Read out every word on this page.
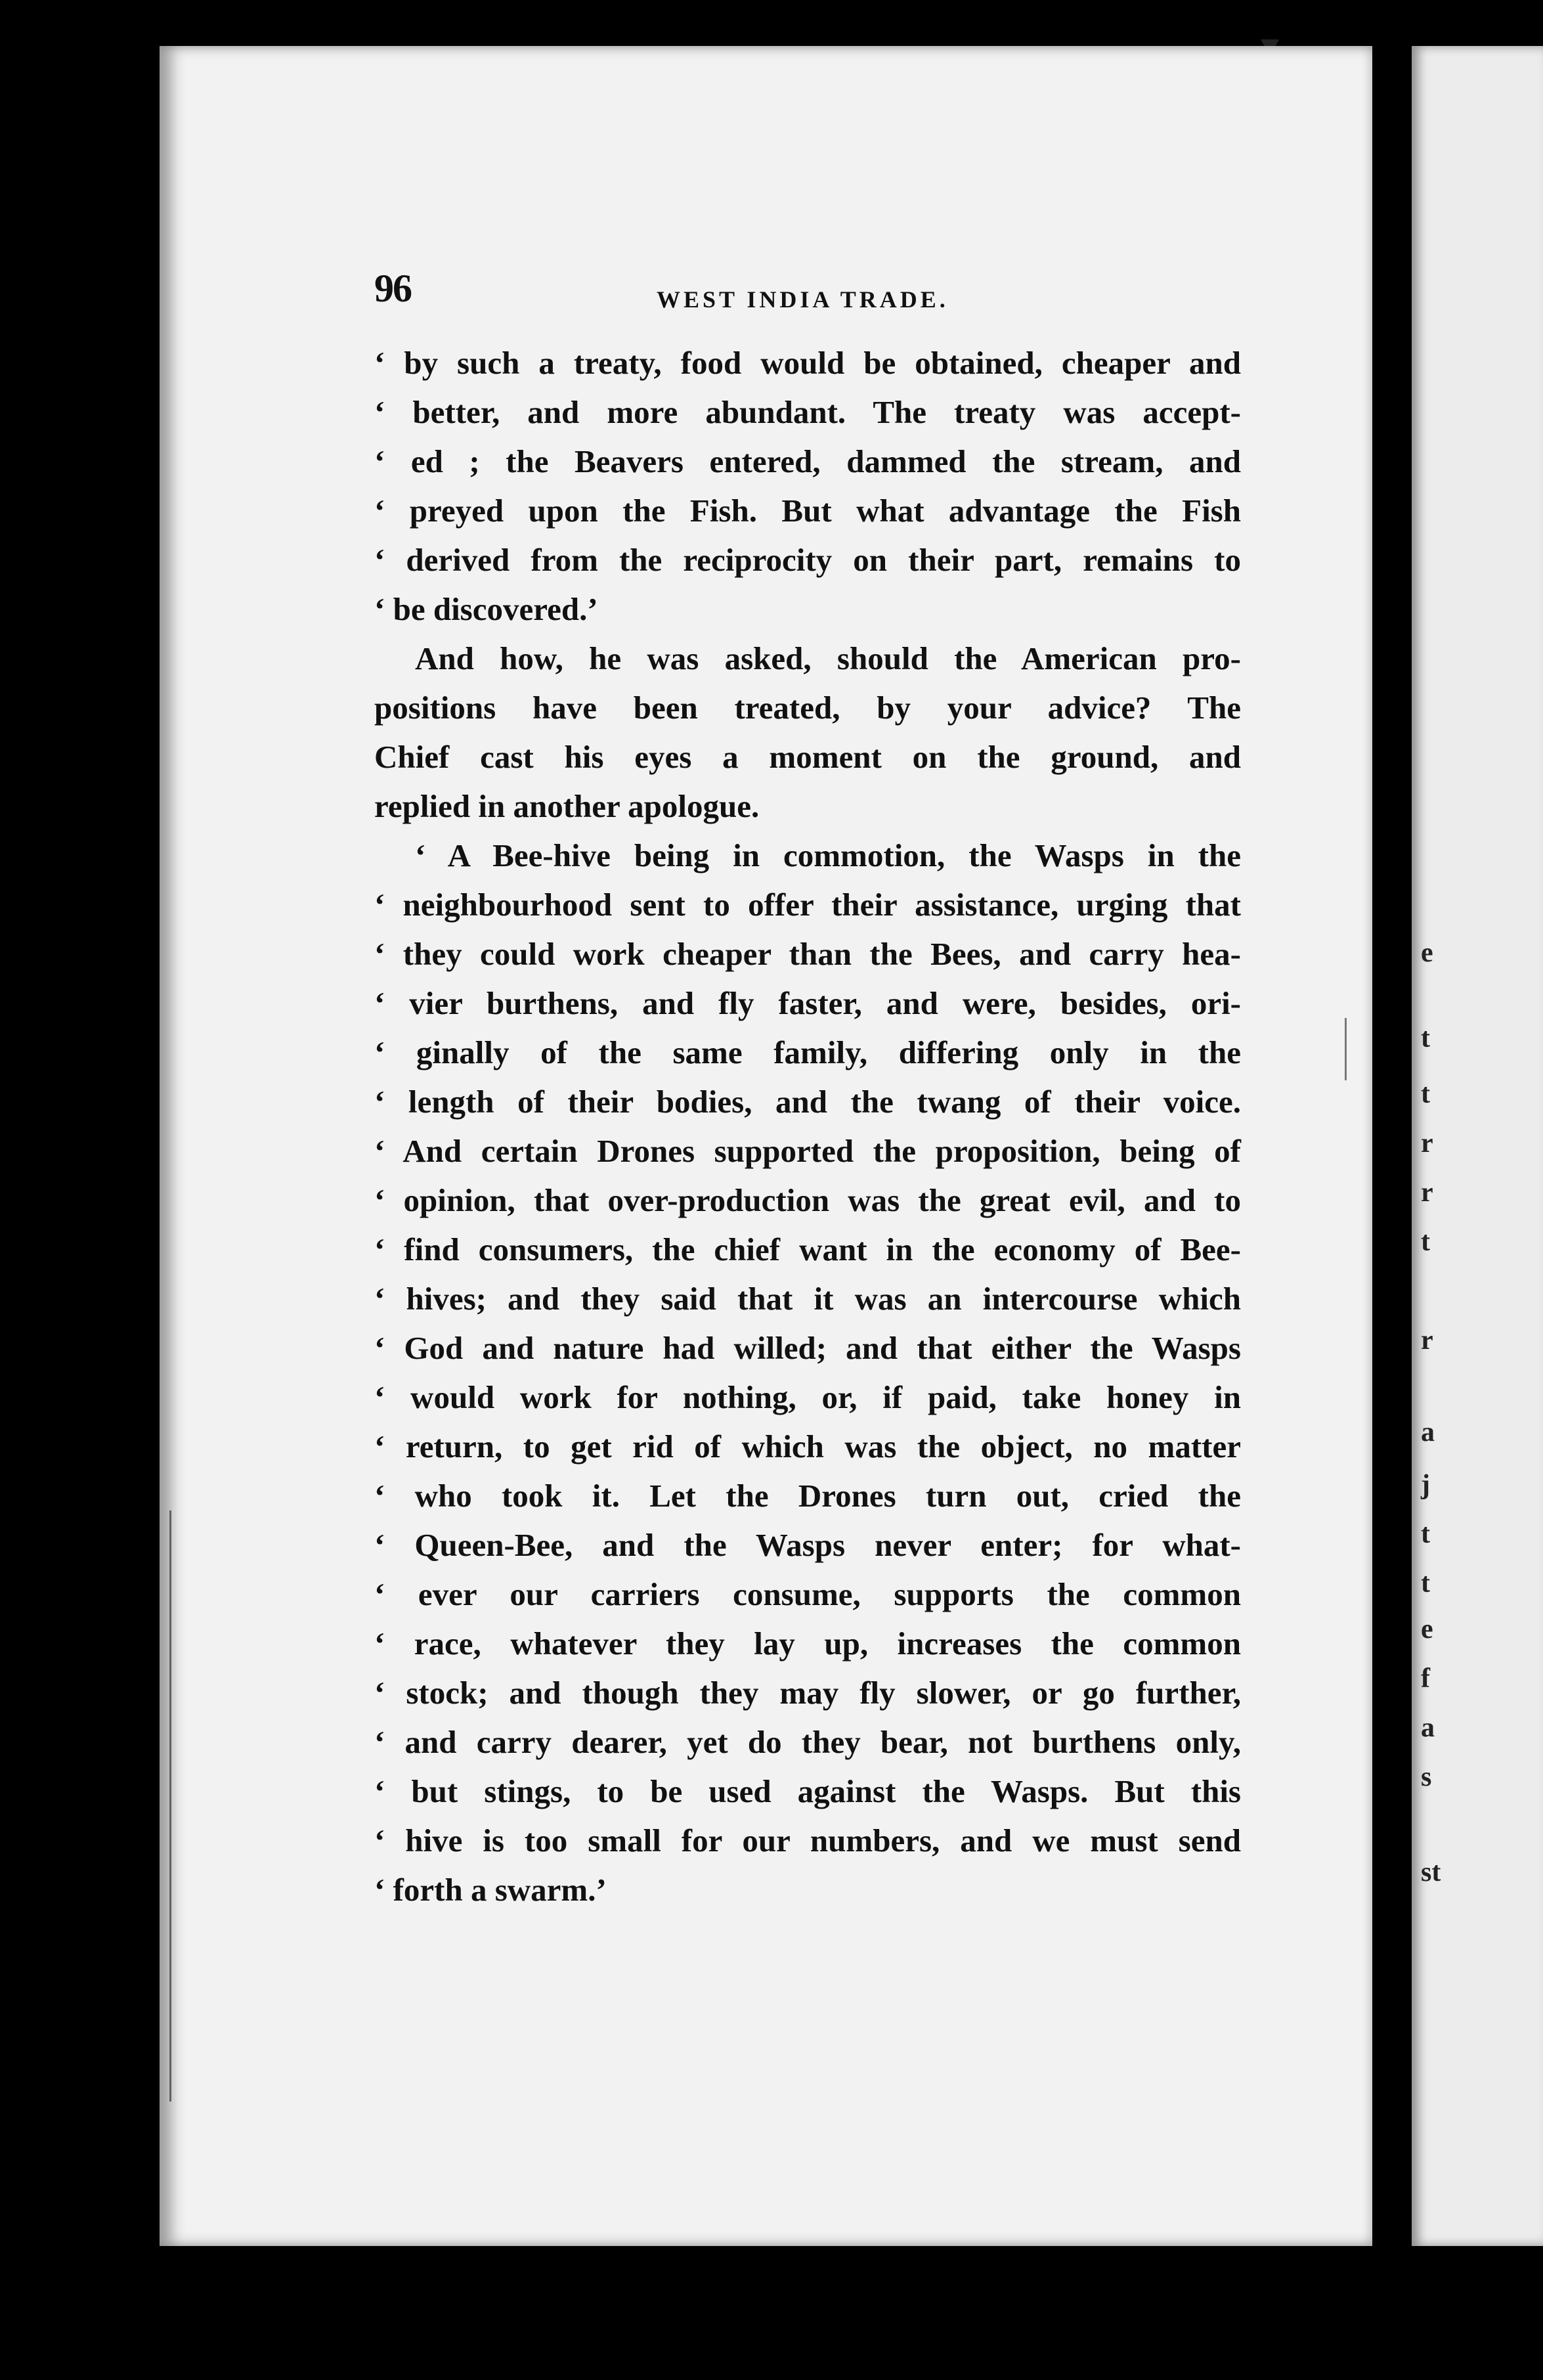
e
t
t
r
r
t
r
a
j
t
t
e
f
a
s
st
96	WEST INDIA TRADE.
‘ by such a treaty, food would be obtained, cheaper and
‘ better, and more abundant. The treaty was accept-
‘ ed ; the Beavers entered, dammed the stream, and
‘ preyed upon the Fish. But what advantage the Fish
‘ derived from the reciprocity on their part, remains to
‘ be discovered.’
And how, he was asked, should the American pro-
positions have been treated, by your advice? The
Chief cast his eyes a moment on the ground, and
replied in another apologue.
‘ A Bee-hive being in commotion, the Wasps in the
‘ neighbourhood sent to offer their assistance, urging that
‘ they could work cheaper than the Bees, and carry hea-
‘ vier burthens, and fly faster, and were, besides, ori-
‘ ginally of the same family, differing only in the
‘ length of their bodies, and the twang of their voice.
‘ And certain Drones supported the proposition, being of
‘ opinion, that over-production was the great evil, and to
‘ find consumers, the chief want in the economy of Bee-
‘ hives; and they said that it was an intercourse which
‘ God and nature had willed; and that either the Wasps
‘ would work for nothing, or, if paid, take honey in
‘ return, to get rid of which was the object, no matter
‘ who took it. Let the Drones turn out, cried the
‘ Queen-Bee, and the Wasps never enter; for what-
‘ ever our carriers consume, supports the common
‘ race, whatever they lay up, increases the common
‘ stock; and though they may fly slower, or go further,
‘ and carry dearer, yet do they bear, not burthens only,
‘ but stings, to be used against the Wasps. But this
‘ hive is too small for our numbers, and we must send
‘ forth a swarm.’
